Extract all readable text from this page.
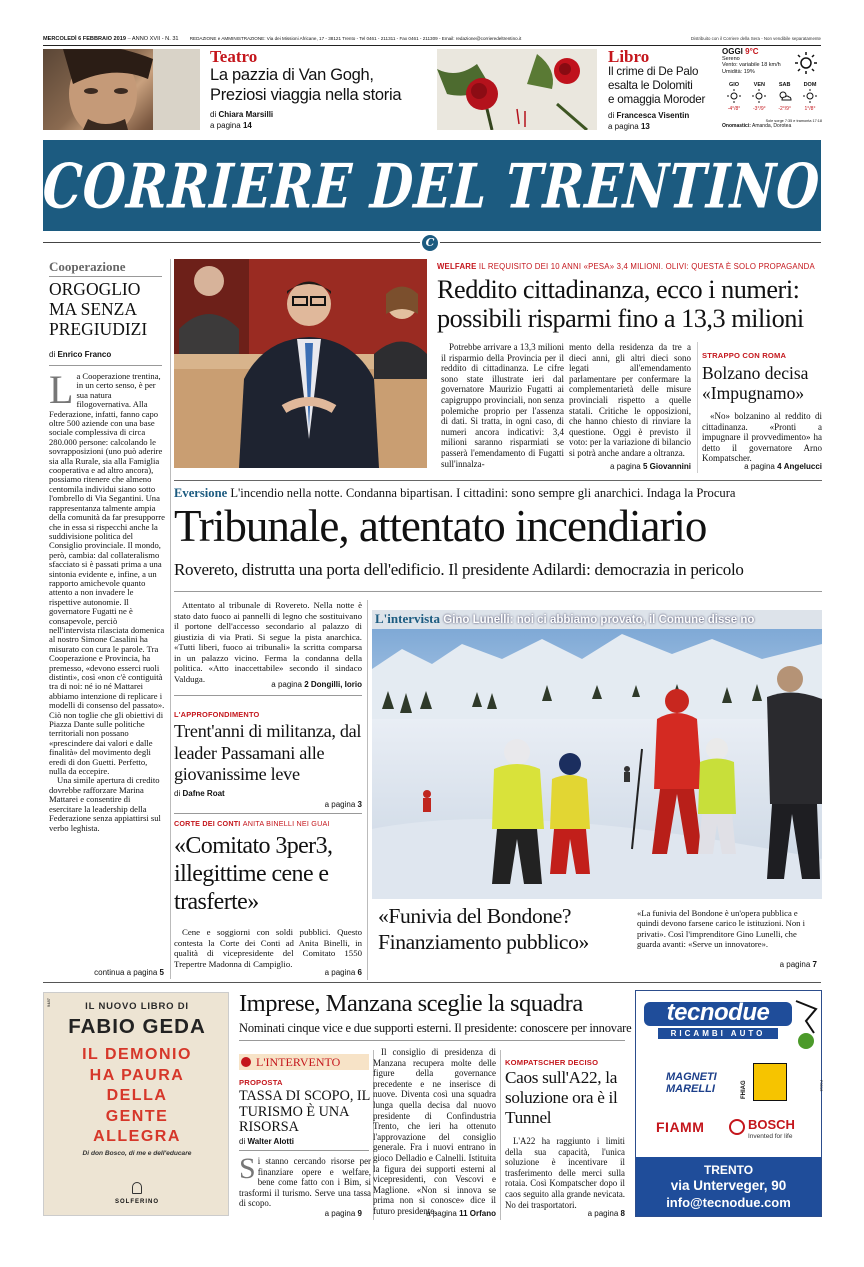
MERCOLEDÌ 6 FEBBRAIO 2019 – ANNO XVII - N. 31 REDAZIONE e AMMINISTRAZIONE: Via dei Missioni Africane, 17 - 38121 Trento - Tel 0461 - 211311 - Fax 0461 - 211309 - Email: redazione@corrieredeltrentino.it	Distribuito con il Corriere della Sera - Non vendibile separatamente
Teatro
La pazzia di Van Gogh,
Preziosi viaggia nella storia
di Chiara Marsilli
a pagina 14
Libro
Il crime di De Palo
esalta le Dolomiti
e omaggia Moroder
di Francesca Visentin
a pagina 13
OGGI 9°C
Sereno
Vento: variabile 18 km/h
Umidità: 19%
GIO
-4°/8°
VEN
-3°/9°
SAB
-2°/9°
DOM
1°/8°
Sole sorge 7:35 e tramonta 17:18
Onomastici: Amanda, Dorotea
CORRIERE DEL TRENTINO
C
Cooperazione
ORGOGLIO MA SENZA PREGIUDIZI
di Enrico Franco
La Cooperazione trentina, in un certo senso, è per sua natura filogovernativa. Alla Federazione, infatti, fanno capo oltre 500 aziende con una base sociale complessiva di circa 280.000 persone: calcolando le sovrapposizioni (uno può aderire sia alla Rurale, sia alla Famiglia cooperativa e ad altro ancora), possiamo ritenere che almeno centomila individui siano sotto l'ombrello di Via Segantini. Una rappresentanza talmente ampia della comunità da far presupporre che in essa si rispecchi anche la suddivisione politica del Consiglio provinciale. Il mondo, però, cambia: dal collateralismo sfacciato si è passati prima a una sintonia evidente e, infine, a un rapporto amichevole quanto attento a non invadere le rispettive autonomie. Il governatore Fugatti ne è consapevole, perciò nell'intervista rilasciata domenica al nostro Simone Casalini ha misurato con cura le parole. Tra Cooperazione e Provincia, ha premesso, «devono esserci ruoli distinti», così «non c'è contiguità tra di noi: né io né Mattarei abbiamo intenzione di replicare i modelli di consenso del passato». Ciò non toglie che gli obiettivi di Piazza Dante sulle politiche territoriali non possano «prescindere dai valori e dalle finalità» del movimento degli eredi di don Guetti. Perfetto, nulla da eccepire.
Una simile apertura di credito dovrebbe rafforzare Marina Mattarei e consentire di esercitare la leadership della Federazione senza appiattirsi sul verbo leghista.
continua a pagina 5
WELFARE IL REQUISITO DEI 10 ANNI «PESA» 3,4 MILIONI. OLIVI: QUESTA È SOLO PROPAGANDA
Reddito cittadinanza, ecco i numeri: possibili risparmi fino a 13,3 milioni
Potrebbe arrivare a 13,3 milioni il risparmio della Provincia per il reddito di cittadinanza. Le cifre sono state illustrate ieri dal governatore Maurizio Fugatti ai capigruppo provinciali, non senza polemiche proprio per l'assenza di dati. Si tratta, in ogni caso, di numeri ancora indicativi: 3,4 milioni saranno risparmiati se passerà l'emendamento di Fugatti sull'innalza-
mento della residenza da tre a dieci anni, gli altri dieci sono legati all'emendamento parlamentare per confermare la complementarietà delle misure provinciali rispetto a quelle statali. Critiche le opposizioni, che hanno chiesto di rinviare la questione. Oggi è previsto il voto: per la variazione di bilancio si potrà anche andare a oltranza.
a pagina 5 Giovannini
STRAPPO CON ROMA
Bolzano decisa «Impugnamo»
«No» bolzanino al reddito di cittadinanza. «Pronti a impugnare il provvedimento» ha detto il governatore Arno Kompatscher.
a pagina 4 Angelucci
Eversione L'incendio nella notte. Condanna bipartisan. I cittadini: sono sempre gli anarchici. Indaga la Procura
Tribunale, attentato incendiario
Rovereto, distrutta una porta dell'edificio. Il presidente Adilardi: democrazia in pericolo
Attentato al tribunale di Rovereto. Nella notte è stato dato fuoco ai pannelli di legno che sostituivano il portone dell'accesso secondario al palazzo di giustizia di via Prati. Si segue la pista anarchica. «Tutti liberi, fuoco ai tribunali» la scritta comparsa in un palazzo vicino. Ferma la condanna della politica. «Atto inaccettabile» secondo il sindaco Valduga.
a pagina 2 Dongilli, Iorio
L'APPROFONDIMENTO
Trent'anni di militanza, dal leader Passamani alle giovanissime leve
di Dafne Roat
a pagina 3
CORTE DEI CONTI ANITA BINELLI NEI GUAI
«Comitato 3per3, illegittime cene e trasferte»
Cene e soggiorni con soldi pubblici. Questo contesta la Corte dei Conti ad Anita Binelli, in qualità di vicepresidente del Comitato 1550 Trepertre Madonna di Campiglio.
a pagina 6
L'intervista Gino Lunelli: noi ci abbiamo provato, il Comune disse no
«Funivia del Bondone? Finanziamento pubblico»
«La funivia del Bondone è un'opera pubblica e quindi devono farsene carico le istituzioni. Non i privati». Così l'imprenditore Gino Lunelli, che guarda avanti: «Serve un innovatore».
a pagina 7
9487	IL NUOVO LIBRO DI
FABIO GEDA
IL DEMONIO
HA PAURA
DELLA
GENTE
ALLEGRA
Di don Bosco, di me e dell'educare
SOLFERINO
Imprese, Manzana sceglie la squadra
Nominati cinque vice e due supporti esterni. Il presidente: conoscere per innovare
L'INTERVENTO
PROPOSTA
TASSA DI SCOPO, IL TURISMO È UNA RISORSA
di Walter Alotti
Si stanno cercando risorse per finanziare opere e welfare, bene come fatto con i Bim, si trasformi il turismo. Serve una tassa di scopo.
a pagina 9
Il consiglio di presidenza di Manzana recupera molte delle figure della governance precedente e ne inserisce di nuove. Diventa così una squadra lunga quella decisa dal nuovo presidente di Confindustria Trento, che ieri ha ottenuto l'approvazione del consiglio generale. Fra i nuovi entrano in gioco Delladio e Calnelli. Istituita la figura dei supporti esterni al vicepresidenti, con Vescovi e Maglione. «Non si innova se prima non si conosce» dice il futuro presidente.
a pagina 11 Orfano
KOMPATSCHER DECISO
Caos sull'A22, la soluzione ora è il Tunnel
L'A22 ha raggiunto i limiti della sua capacità, l'unica soluzione è incentivare il trasferimento delle merci sulla rotaia. Così Kompatscher dopo il caos seguito alla grande nevicata. No dei trasportatori.
a pagina 8
tecnodue
RICAMBI AUTO
MAGNETI MARELLI	FHIAG
FIAMM	BOSCH
Invented for life
TRENTO
via Unterveger, 90
info@tecnodue.com
F0016
